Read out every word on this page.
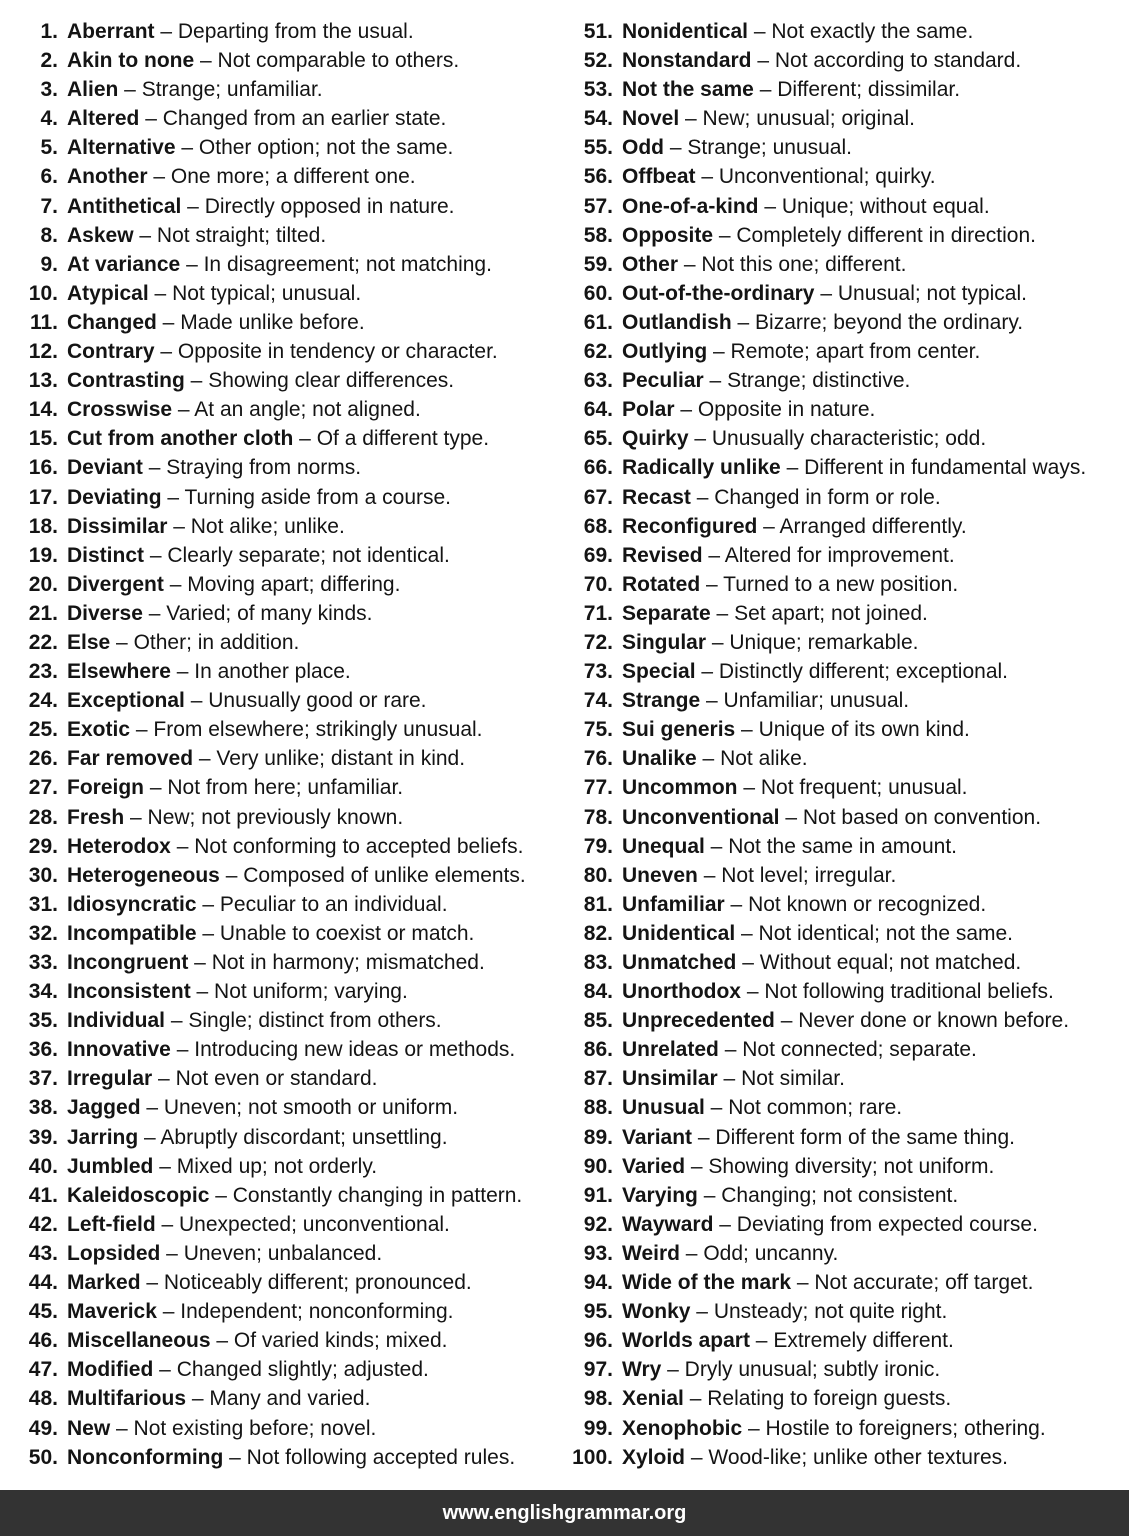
1. Aberrant – Departing from the usual.
2. Akin to none – Not comparable to others.
3. Alien – Strange; unfamiliar.
4. Altered – Changed from an earlier state.
5. Alternative – Other option; not the same.
6. Another – One more; a different one.
7. Antithetical – Directly opposed in nature.
8. Askew – Not straight; tilted.
9. At variance – In disagreement; not matching.
10. Atypical – Not typical; unusual.
11. Changed – Made unlike before.
12. Contrary – Opposite in tendency or character.
13. Contrasting – Showing clear differences.
14. Crosswise – At an angle; not aligned.
15. Cut from another cloth – Of a different type.
16. Deviant – Straying from norms.
17. Deviating – Turning aside from a course.
18. Dissimilar – Not alike; unlike.
19. Distinct – Clearly separate; not identical.
20. Divergent – Moving apart; differing.
21. Diverse – Varied; of many kinds.
22. Else – Other; in addition.
23. Elsewhere – In another place.
24. Exceptional – Unusually good or rare.
25. Exotic – From elsewhere; strikingly unusual.
26. Far removed – Very unlike; distant in kind.
27. Foreign – Not from here; unfamiliar.
28. Fresh – New; not previously known.
29. Heterodox – Not conforming to accepted beliefs.
30. Heterogeneous – Composed of unlike elements.
31. Idiosyncratic – Peculiar to an individual.
32. Incompatible – Unable to coexist or match.
33. Incongruent – Not in harmony; mismatched.
34. Inconsistent – Not uniform; varying.
35. Individual – Single; distinct from others.
36. Innovative – Introducing new ideas or methods.
37. Irregular – Not even or standard.
38. Jagged – Uneven; not smooth or uniform.
39. Jarring – Abruptly discordant; unsettling.
40. Jumbled – Mixed up; not orderly.
41. Kaleidoscopic – Constantly changing in pattern.
42. Left-field – Unexpected; unconventional.
43. Lopsided – Uneven; unbalanced.
44. Marked – Noticeably different; pronounced.
45. Maverick – Independent; nonconforming.
46. Miscellaneous – Of varied kinds; mixed.
47. Modified – Changed slightly; adjusted.
48. Multifarious – Many and varied.
49. New – Not existing before; novel.
50. Nonconforming – Not following accepted rules.
51. Nonidentical – Not exactly the same.
52. Nonstandard – Not according to standard.
53. Not the same – Different; dissimilar.
54. Novel – New; unusual; original.
55. Odd – Strange; unusual.
56. Offbeat – Unconventional; quirky.
57. One-of-a-kind – Unique; without equal.
58. Opposite – Completely different in direction.
59. Other – Not this one; different.
60. Out-of-the-ordinary – Unusual; not typical.
61. Outlandish – Bizarre; beyond the ordinary.
62. Outlying – Remote; apart from center.
63. Peculiar – Strange; distinctive.
64. Polar – Opposite in nature.
65. Quirky – Unusually characteristic; odd.
66. Radically unlike – Different in fundamental ways.
67. Recast – Changed in form or role.
68. Reconfigured – Arranged differently.
69. Revised – Altered for improvement.
70. Rotated – Turned to a new position.
71. Separate – Set apart; not joined.
72. Singular – Unique; remarkable.
73. Special – Distinctly different; exceptional.
74. Strange – Unfamiliar; unusual.
75. Sui generis – Unique of its own kind.
76. Unalike – Not alike.
77. Uncommon – Not frequent; unusual.
78. Unconventional – Not based on convention.
79. Unequal – Not the same in amount.
80. Uneven – Not level; irregular.
81. Unfamiliar – Not known or recognized.
82. Unidentical – Not identical; not the same.
83. Unmatched – Without equal; not matched.
84. Unorthodox – Not following traditional beliefs.
85. Unprecedented – Never done or known before.
86. Unrelated – Not connected; separate.
87. Unsimilar – Not similar.
88. Unusual – Not common; rare.
89. Variant – Different form of the same thing.
90. Varied – Showing diversity; not uniform.
91. Varying – Changing; not consistent.
92. Wayward – Deviating from expected course.
93. Weird – Odd; uncanny.
94. Wide of the mark – Not accurate; off target.
95. Wonky – Unsteady; not quite right.
96. Worlds apart – Extremely different.
97. Wry – Dryly unusual; subtly ironic.
98. Xenial – Relating to foreign guests.
99. Xenophobic – Hostile to foreigners; othering.
100. Xyloid – Wood-like; unlike other textures.
www.englishgrammar.org
